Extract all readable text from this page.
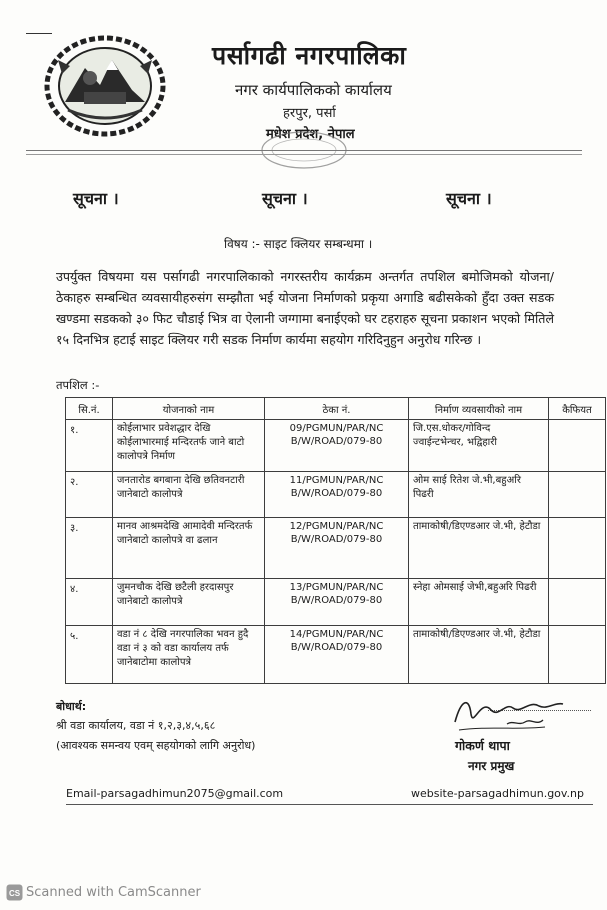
पर्सागढी नगरपालिका
नगर कार्यपालिकको कार्यालय
हरपुर, पर्सा
मधेश प्रदेश, नेपाल
सूचना ।	सूचना ।	सूचना ।
विषय :- साइट क्लियर सम्बन्धमा ।
उपर्युक्त विषयमा यस पर्सागढी नगरपालिकाको नगरस्तरीय कार्यक्रम अन्तर्गत तपशिल बमोजिमको योजना/ठेकाहरु सम्बन्धित व्यवसायीहरुसंग सम्झौता भई योजना निर्माणको प्रकृया अगाडि बढीसकेको हुँदा उक्त सडक खण्डमा सडकको ३० फिट चौडाई भित्र वा ऐलानी जग्गामा बनाईएको घर टहराहरु सूचना प्रकाशन भएको मितिले १५ दिनभित्र हटाई साइट क्लियर गरी सडक निर्माण कार्यमा सहयोग गरिदिनुहुन अनुरोध गरिन्छ ।
तपशिल :-
सि.नं.	योजनाको नाम	ठेका नं.	निर्माण व्यवसायीको नाम	कैफियत
१.	कोईलाभार प्रवेशद्धार देखि कोईलाभारमाई मन्दिरतर्फ जाने बाटो कालोपत्रे निर्माण	09/PGMUN/PAR/NC B/W/ROAD/079-80	जि.एस.धोकर/गोविन्द ज्वाईन्टभेन्चर, भद्विहारी	
२.	जनतारोड बगबाना देखि छतिवनटारी जानेबाटो कालोपत्रे	11/PGMUN/PAR/NC B/W/ROAD/079-80	ओम साई रितेश जे.भी,बहुअरि पिढरी	
३.	मानव आश्रमदेखि आमादेवी मन्दिरतर्फ जानेबाटो कालोपत्रे वा ढलान	12/PGMUN/PAR/NC B/W/ROAD/079-80	तामाकोषी/डिएण्डआर जे.भी, हेटौडा	
४.	जुमनचौक देखि छटैली हरदासपुर जानेबाटो कालोपत्रे	13/PGMUN/PAR/NC B/W/ROAD/079-80	स्नेहा ओमसाई जेभी,बहुअरि पिढरी	
५.	वडा नं ८ देखि नगरपालिका भवन हुदै वडा नं ३ को वडा कार्यालय तर्फ जानेबाटोमा कालोपत्रे	14/PGMUN/PAR/NC B/W/ROAD/079-80	तामाकोषी/डिएण्डआर जे.भी, हेटौडा	
बोधार्थ:
श्री वडा कार्यालय, वडा नं १,२,३,४,५,६८
(आवश्यक समन्वय एवम् सहयोगको लागि अनुरोध)	गोकर्ण थापा
नगर प्रमुख
Email-parsagadhimun2075@gmail.com	website-parsagadhimun.gov.np
CS Scanned with CamScanner
